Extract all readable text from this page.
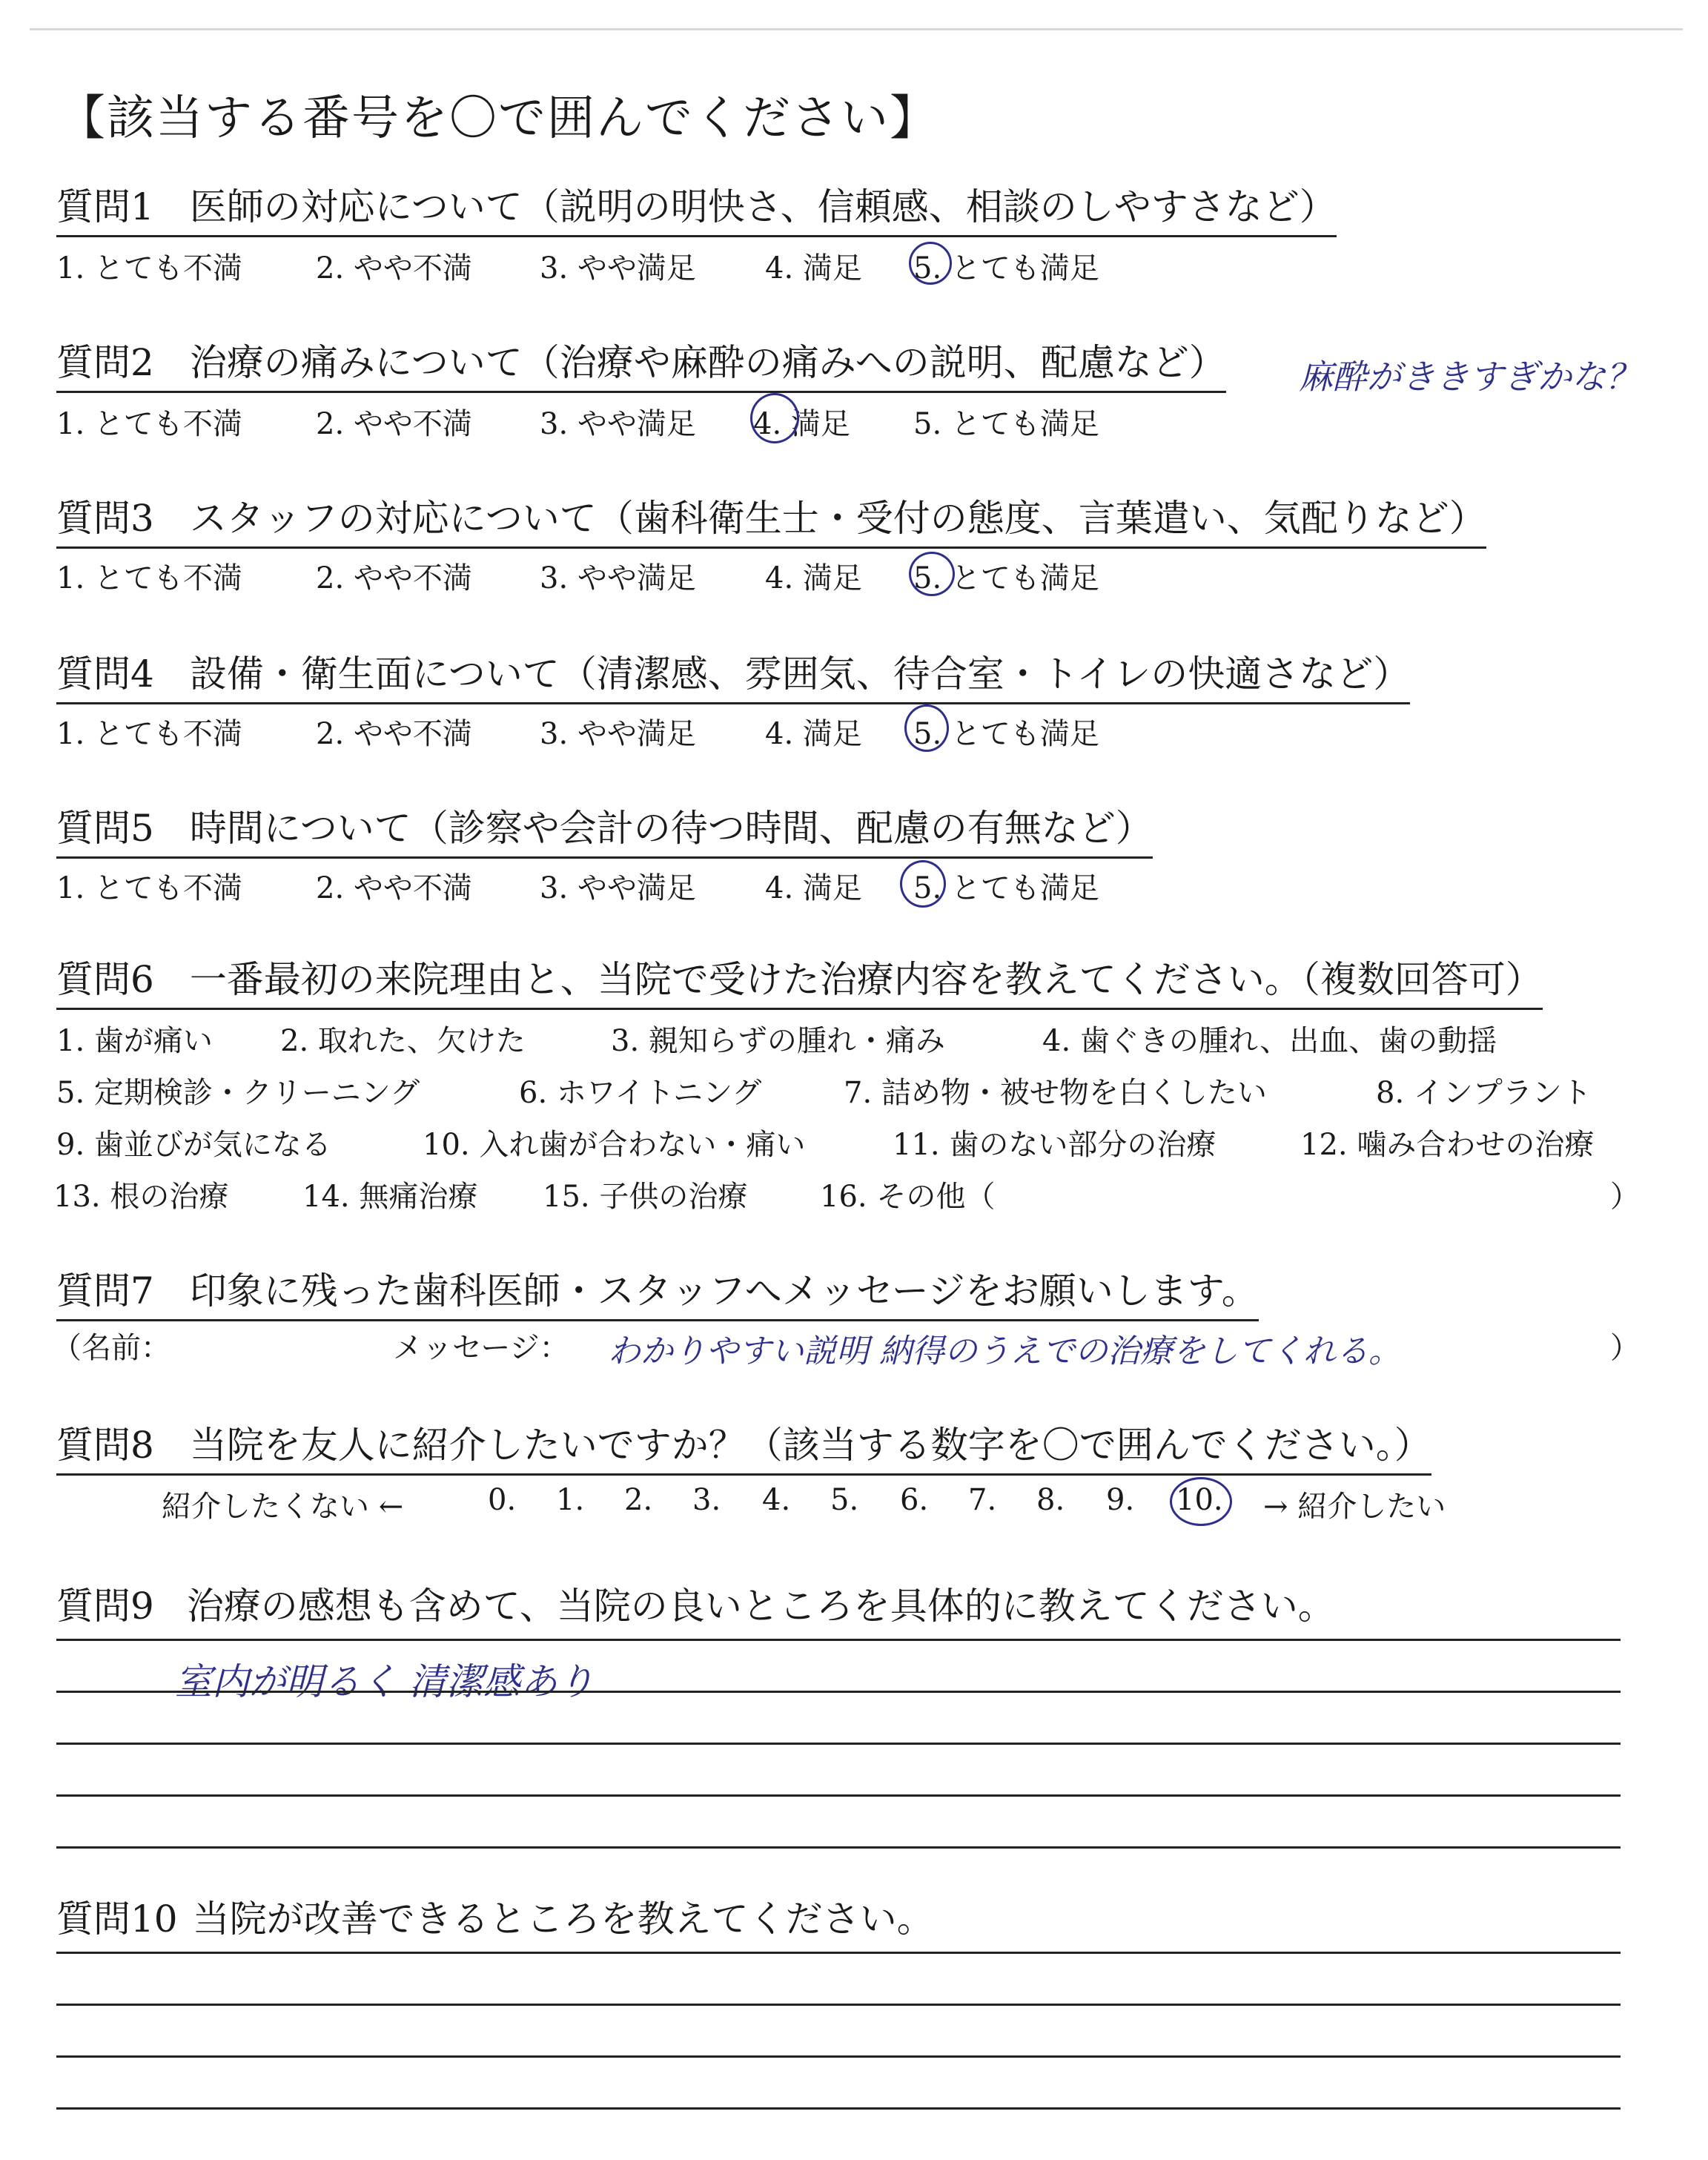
【該当する番号を〇で囲んでください】
質問1 医師の対応について（説明の明快さ、信頼感、相談のしやすさなど）
1. とても不満 2. やや不満 3. やや満足 4. 満足 5. とても満足
質問2 治療の痛みについて（治療や麻酔の痛みへの説明、配慮など） 麻酔がききすぎかな？
1. とても不満 2. やや不満 3. やや満足 4. 満足 5. とても満足
質問3 スタッフの対応について（歯科衛生士・受付の態度、言葉遣い、気配りなど）
1. とても不満 2. やや不満 3. やや満足 4. 満足 5. とても満足
質問4 設備・衛生面について（清潔感、雰囲気、待合室・トイレの快適さなど）
1. とても不満 2. やや不満 3. やや満足 4. 満足 5. とても満足
質問5 時間について（診察や会計の待つ時間、配慮の有無など）
1. とても不満 2. やや不満 3. やや満足 4. 満足 5. とても満足
質問6 一番最初の来院理由と、当院で受けた治療内容を教えてください。（複数回答可）
1. 歯が痛い 2. 取れた、欠けた	3. 親知らずの腫れ・痛み	4. 歯ぐきの腫れ、出血、歯の動揺
5. 定期検診・クリーニング	6. ホワイトニング	7. 詰め物・被せ物を白くしたい	8. インプラント
9. 歯並びが気になる	10. 入れ歯が合わない・痛い	11. 歯のない部分の治療	12. 噛み合わせの治療
13. 根の治療 14. 無痛治療 15. 子供の治療 16. その他（	）
質問7 印象に残った歯科医師・スタッフへメッセージをお願いします。
（名前：	メッセージ： わかりやすい説明 納得のうえでの治療をしてくれる。	）
質問8 当院を友人に紹介したいですか？（該当する数字を〇で囲んでください。）
紹介したくない ←	0. 1. 2. 3. 4. 5. 6. 7. 8. 9. 10. → 紹介したい
質問9 治療の感想も含めて、当院の良いところを具体的に教えてください。
室内が明るく 清潔感あり
質問10 当院が改善できるところを教えてください。
